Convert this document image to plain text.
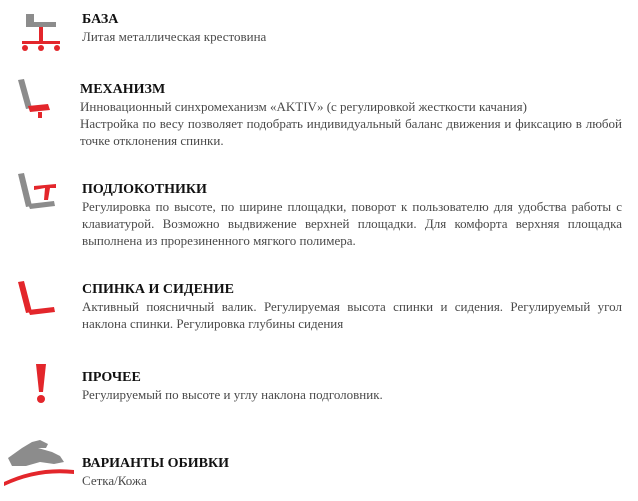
БАЗА

Литая металлическая крестовина

МЕХАНИЗМ

Инновационный синхромеханизм «AKTIV» (с регулировкой жесткости качания)

Настройка по весу позволяет подобрать индивидуальный баланс движения и фиксацию в любой точке отклонения спинки.

ПОДЛОКОТНИКИ

Регулировка по высоте, по ширине площадки, поворот к пользователю для удобства работы с клавиатурой. Возможно выдвижение верхней площадки. Для комфорта верхняя площадка выполнена из прорезиненного мягкого полимера.

СПИНКА И СИДЕНИЕ

Активный поясничный валик. Регулируемая высота спинки и сидения. Регулируемый угол наклона спинки. Регулировка глубины сидения

ПРОЧЕЕ

Регулируемый по высоте и углу наклона подголовник.

ВАРИАНТЫ ОБИВКИ

Сетка/Кожа
